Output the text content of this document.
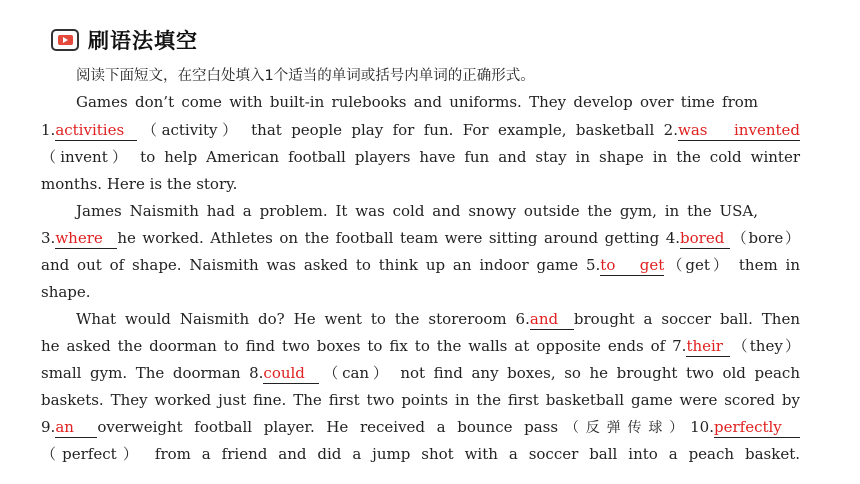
刷语法填空
阅读下面短文，在空白处填入1个适当的单词或括号内单词的正确形式。
Games don’t come with built-in rulebooks and uniforms. They develop over time from
1.activities （activity） that people play for fun. For example, basketball 2.was invented
（invent） to help American football players have fun and stay in shape in the cold winter
months. Here is the story.
James Naismith had a problem. It was cold and snowy outside the gym, in the USA,
3.where he worked. Athletes on the football team were sitting around getting 4.bored （bore）
and out of shape. Naismith was asked to think up an indoor game 5.to get（get） them in
shape.
What would Naismith do? He went to the storeroom 6.and brought a soccer ball. Then
he asked the doorman to find two boxes to fix to the walls at opposite ends of 7.their （they）
small gym. The doorman 8.could （can） not find any boxes, so he brought two old peach
baskets. They worked just fine. The first two points in the first basketball game were scored by
9.an overweight football player. He received a bounce pass（反弹传球）10.perfectly
（perfect） from a friend and did a jump shot with a soccer ball into a peach basket.
